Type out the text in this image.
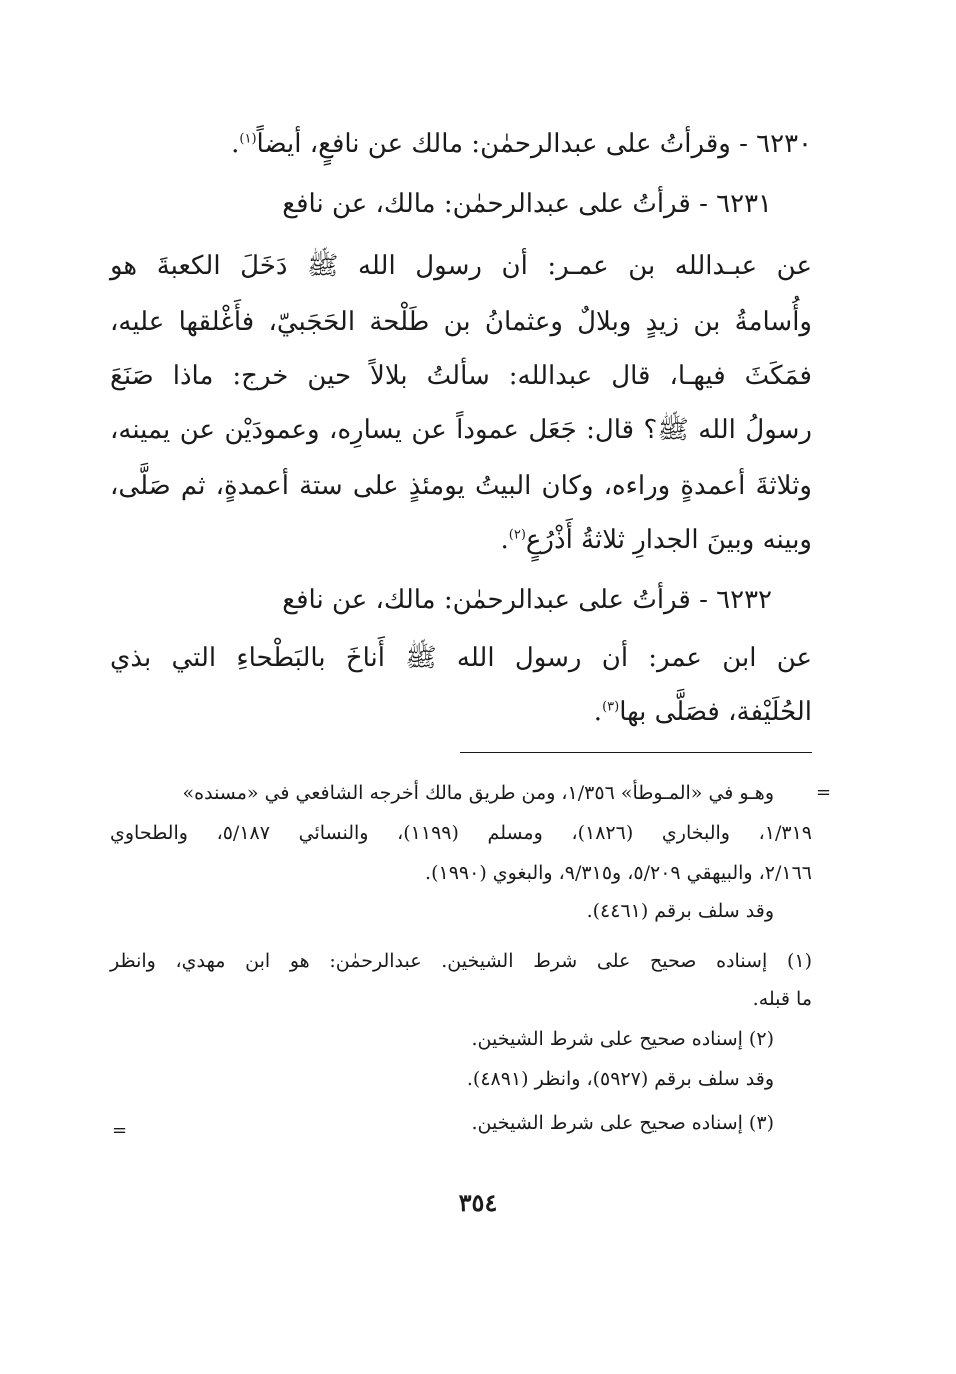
٦٢٣٠ - وقرأتُ على عبدالرحمٰن: مالك عن نافعٍ، أيضاً$^{(١)}$.
٦٢٣١ - قرأتُ على عبدالرحمٰن: مالك، عن نافع
عن عبـدالله بن عمـر: أن رسول الله ﷺ دَخَلَ الكعبةَ هو
وأُسامةُ بن زيدٍ وبلالٌ وعثمانُ بن طَلْحة الحَجَبيّ، فأَغْلقها عليه،
فمَكَثَ فيهـا، قال عبدالله: سألتُ بلالاً حين خرج: ماذا صَنَعَ
رسولُ الله ﷺ؟ قال: جَعَل عموداً عن يسارِه، وعمودَيْن عن يمينه،
وثلاثةَ أعمدةٍ وراءه، وكان البيتُ يومئذٍ على ستة أعمدةٍ، ثم صَلَّى،
وبينه وبينَ الجدارِ ثلاثةُ أَذْرُعٍ$^{(٢)}$.
٦٢٣٢ - قرأتُ على عبدالرحمٰن: مالك، عن نافع
عن ابن عمر: أن رسول الله ﷺ أَناخَ بالبَطْحاءِ التي بذي
الحُلَيْفة، فصَلَّى بها$^{(٣)}$.
=
وهـو في «المـوطأ» ١/٣٥٦، ومن طريق مالك أخرجه الشافعي في «مسنده»
١/٣١٩، والبخاري (١٨٢٦)، ومسلم (١١٩٩)، والنسائي ٥/١٨٧، والطحاوي
٢/١٦٦، والبيهقي ٥/٢٠٩، و٩/٣١٥، والبغوي (١٩٩٠).
وقد سلف برقم (٤٤٦١).
(١) إسناده صحيح على شرط الشيخين. عبدالرحمٰن: هو ابن مهدي، وانظر
ما قبله.
(٢) إسناده صحيح على شرط الشيخين.
وقد سلف برقم (٥٩٢٧)، وانظر (٤٨٩١).
(٣) إسناده صحيح على شرط الشيخين.
=
٣٥٤
